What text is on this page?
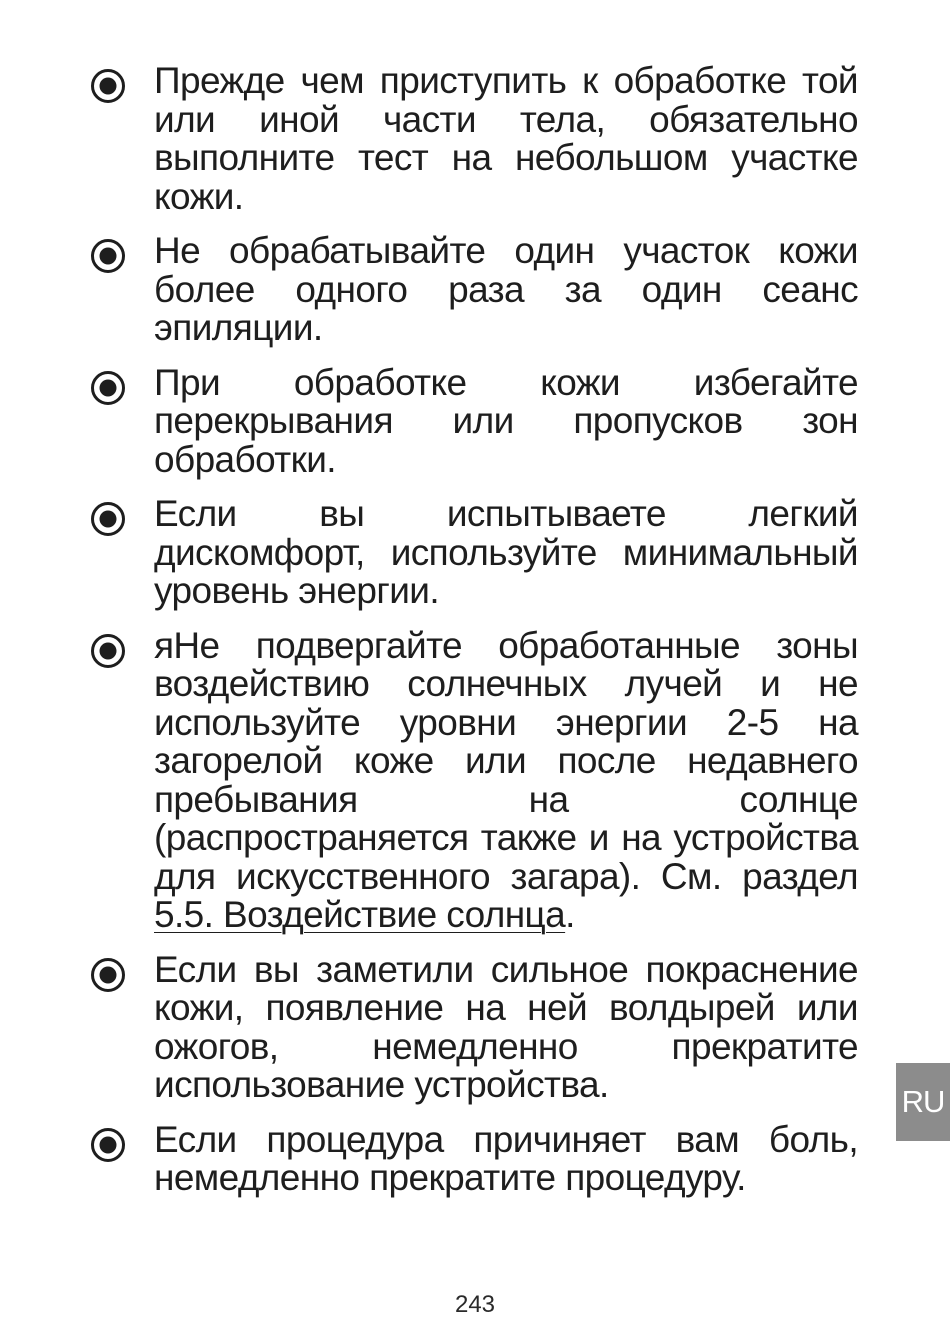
Прежде чем приступить к обработке той или иной части тела, обязательно выполните тест на небольшом участке кожи.
Не обрабатывайте один участок кожи более одного раза за один сеанс эпиляции.
При обработке кожи избегайте перекрывания или пропусков зон обработки.
Если вы испытываете легкий дискомфорт, используйте минимальный уровень энергии.
яНе подвергайте обработанные зоны воздействию солнечных лучей и не используйте уровни энергии 2-5 на загорелой коже или после недавнего пребывания на солнце (распространяется также и на устройства для искусственного загара). См. раздел 5.5. Воздействие солнца.
Если вы заметили сильное покраснение кожи, появление на ней волдырей или ожогов, немедленно прекратите использование устройства.
Если процедура причиняет вам боль, немедленно прекратите процедуру.
RU
243
